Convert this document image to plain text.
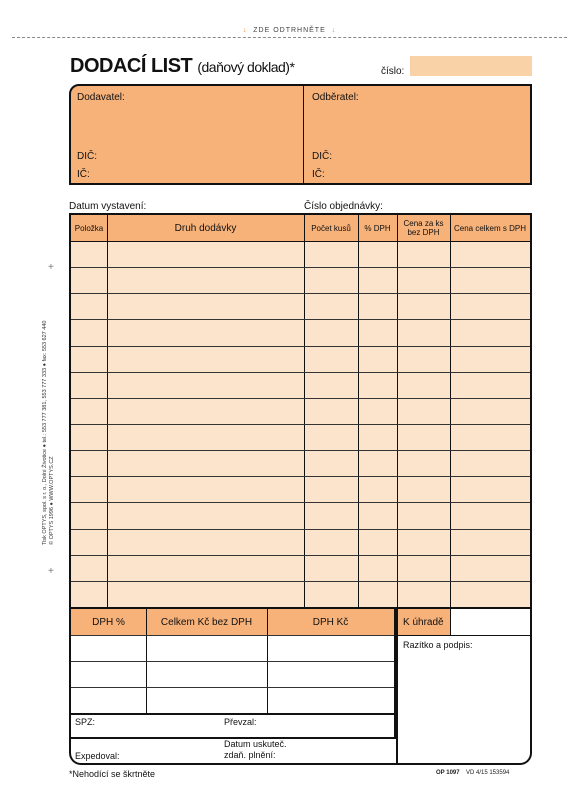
↓ ZDE ODTRHNĚTE ↓
DODACÍ LIST (daňový doklad)*	číslo:
Dodavatel:	Odběratel:
DIČ:	DIČ:
IČ:	IČ:
Datum vystavení:	Číslo objednávky:
Položka	Druh dodávky	Počet kusů	% DPH	Cena za ks bez DPH	Cena celkem s DPH
DPH %	Celkem Kč bez DPH	DPH Kč	K úhradě
Razítko a podpis:
SPZ:	Převzal:
Expedoval:
Datum uskuteč.
zdaň. plnění:
*Nehodící se škrtněte	OP 1097 VD 4/15 153594
+
+
Tisk OPTYS, spol. s r. o., Dolní Životice ● tel.: 553 777 381, 553 777 333 ● fax: 553 627 440 © OPTYS 1996 ● WWW.OPTYS.CZ
